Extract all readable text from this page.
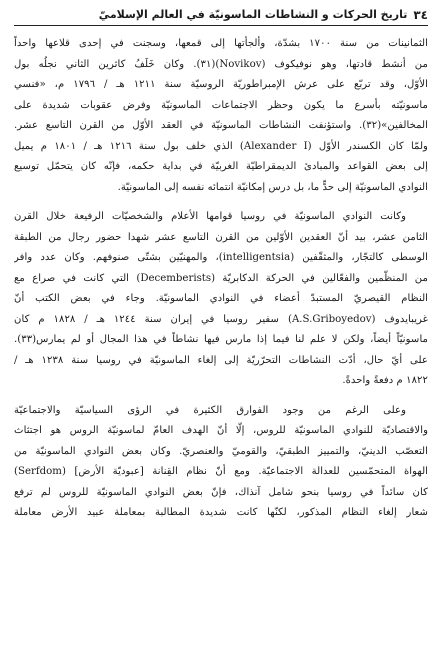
٣٤
تاريخ الحركات و النشاطات الماسونيّة في العالم الإسلاميّ

الثمانينات من سنة ١٧٠٠ بشدّة، وألجأتها إلى قمعها، وسجنت في إحدى قلاعها واحداً
من أنشط قادتها، وهو نوفيكوف (Novikov)(٣١). وكان خَلَفُ كاثرين الثاني نجلُه بول
الأوّل، وقد تربّع على عرش الإمبراطوريّة الروسيّة سنة ١٢١١ هـ / ١٧٩٦ م، «فنسي
ماسونيّته بأسرع ما يكون وحظر الاجتماعات الماسونيّة وفرض عقوبات شديدة على
المخالفين»(٣٢). واستؤنفت النشاطات الماسونيّة في العقد الأوّل من القرن التاسع عشر.
ولمّا كان الكسندر الأوّل (Alexander I) الذي خلف بول سنة ١٢١٦ هـ / ١٨٠١ م يميل
إلى بعض القواعد والمبادئ الديمقراطيّة الغربيّة في بداية حكمه، فإنّه كان يتحمّل توسيع
النوادي الماسونيّة إلى حدٍّ ما، بل درس إمكانيّة انتمائه نفسه إلى الماسونيّة.

وكانت النوادي الماسونيّة في روسيا قوامها الأعلام والشخصيّات الرفيعة خلال القرن
الثامن عشر، بيد أنّ العقدين الأوّلين من القرن التاسع عشر شهدا حضور رجال من الطبقة
الوسطى كالتجّار، والمثقّفين (intelligentsia)، والمهنيّين بشتّى صنوفهم. وكان عدد وافر
من المنظّمين والفعّالين في الحركة الدكابريّة (Decemberists) التي كانت في صراع مع
النظام القيصريّ المستبدّ أعضاء في النوادي الماسونيّة. وجاء في بعض الكتب أنّ
غريبايدوف (A.S.Griboyedov) سفير روسيا في إيران سنة ١٢٤٤ هـ / ١٨٢٨ م كان
ماسونيّاً أيضاً، ولكن لا علم لنا فيما إذا مارس فيها نشاطاً في هذا المجال أو لم يمارس(٣٣).
على أيّ حال، أدّت النشاطات التحرّريّة إلى إلغاء الماسونيّة في روسيا سنة ١٢٣٨ هـ /
١٨٢٢ م دفعةً واحدةً.

وعلى الرغم من وجود الفوارق الكثيرة في الرؤى السياسيّة والاجتماعيّة
والاقتصاديّة للنوادي الماسونيّة للروس، إلّا أنّ الهدف العامّ لماسونيّة الروس هو اجتثاث
التعصّب الدينيّ، والتمييز الطبقيّ، والقوميّ والعنصريّ. وكان بعض النوادي الماسونيّة من
الهواة المتحمّسين للعدالة الاجتماعيّة. ومع أنّ نظام القِنانة [عبوديّة الأرض] (Serfdom)
كان سائداً في روسيا بنحو شامل آنذاك، فإنّ بعض النوادي الماسونيّة للروس لم ترفع
شعار إلغاء النظام المذكور، لكنّها كانت شديدة المطالبة بمعاملة عبيد الأرض معاملة
